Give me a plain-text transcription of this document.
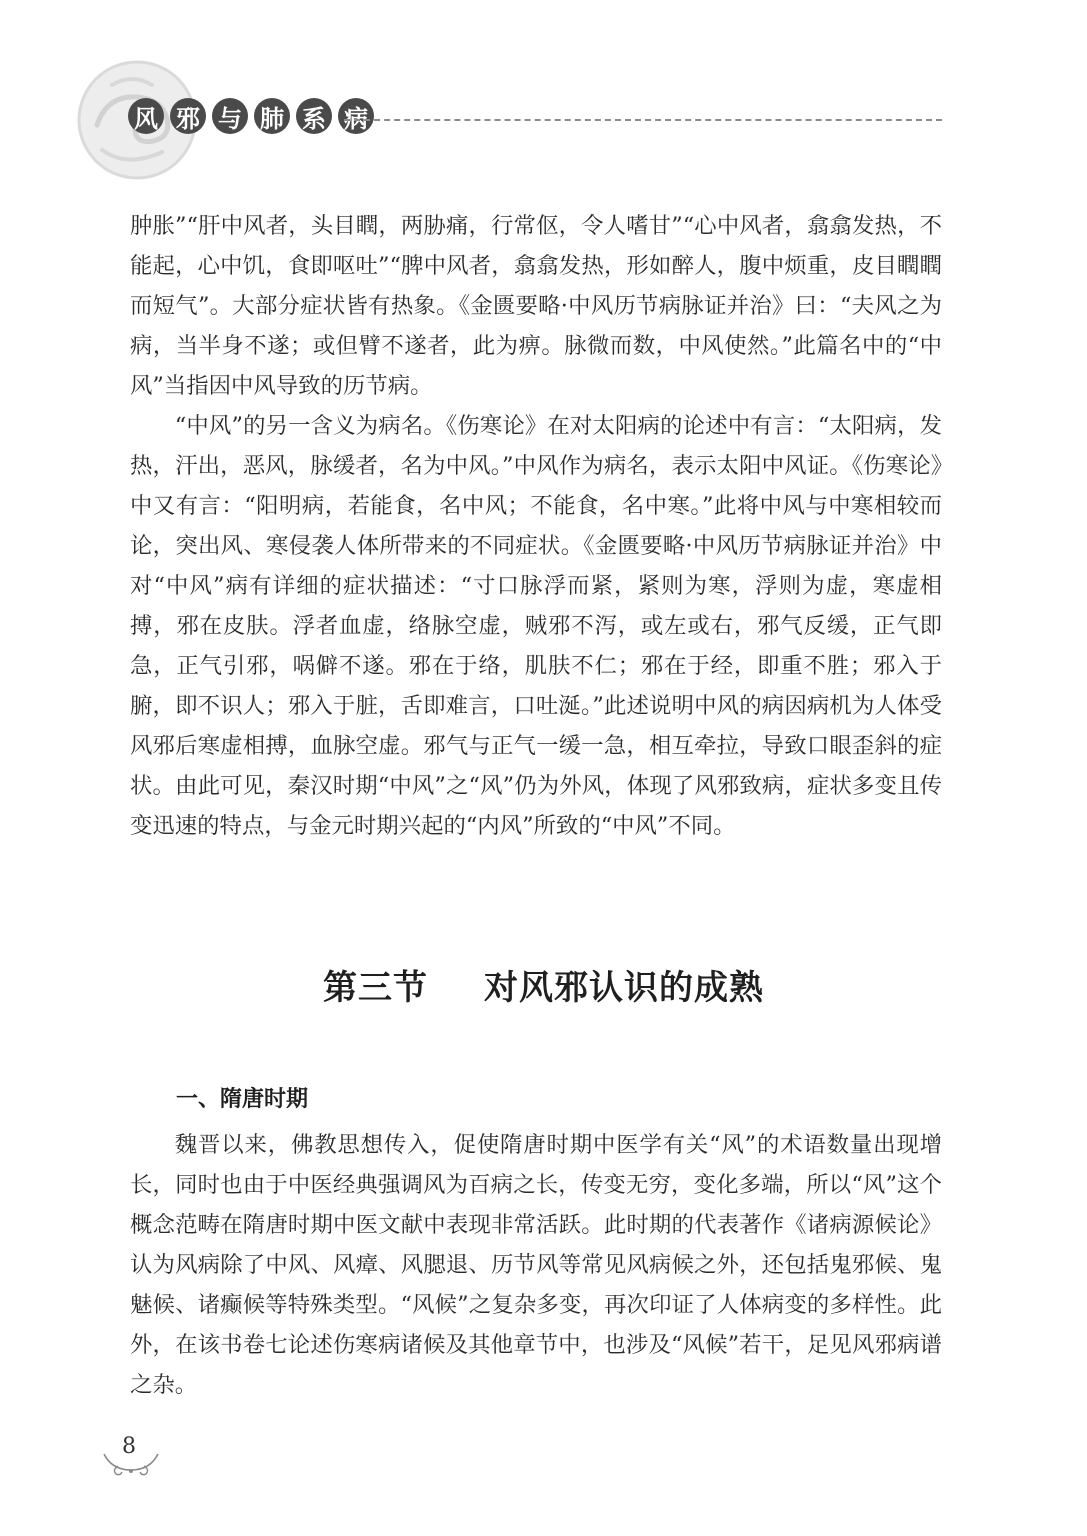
风 邪 与 肺 系 病

肿胀”“肝中风者，头目瞤，两胁痛，行常伛，令人嗜甘”“心中风者，翕翕发热，不能起，心中饥，食即呕吐”“脾中风者，翕翕发热，形如醉人，腹中烦重，皮目瞤瞤而短气”。大部分症状皆有热象。《金匮要略·中风历节病脉证并治》曰：“夫风之为病，当半身不遂；或但臂不遂者，此为痹。脉微而数，中风使然。”此篇名中的“中风”当指因中风导致的历节病。

“中风”的另一含义为病名。《伤寒论》在对太阳病的论述中有言：“太阳病，发热，汗出，恶风，脉缓者，名为中风。”中风作为病名，表示太阳中风证。《伤寒论》中又有言：“阳明病，若能食，名中风；不能食，名中寒。”此将中风与中寒相较而论，突出风、寒侵袭人体所带来的不同症状。《金匮要略·中风历节病脉证并治》中对“中风”病有详细的症状描述：“寸口脉浮而紧，紧则为寒，浮则为虚，寒虚相搏，邪在皮肤。浮者血虚，络脉空虚，贼邪不泻，或左或右，邪气反缓，正气即急，正气引邪，㖞僻不遂。邪在于络，肌肤不仁；邪在于经，即重不胜；邪入于腑，即不识人；邪入于脏，舌即难言，口吐涎。”此述说明中风的病因病机为人体受风邪后寒虚相搏，血脉空虚。邪气与正气一缓一急，相互牵拉，导致口眼歪斜的症状。由此可见，秦汉时期“中风”之“风”仍为外风，体现了风邪致病，症状多变且传变迅速的特点，与金元时期兴起的“内风”所致的“中风”不同。

第三节 对风邪认识的成熟
一、隋唐时期

魏晋以来，佛教思想传入，促使隋唐时期中医学有关“风”的术语数量出现增长，同时也由于中医经典强调风为百病之长，传变无穷，变化多端，所以“风”这个概念范畴在隋唐时期中医文献中表现非常活跃。此时期的代表著作《诸病源候论》认为风病除了中风、风瘴、风腮退、历节风等常见风病候之外，还包括鬼邪候、鬼魅候、诸癫候等特殊类型。“风候”之复杂多变，再次印证了人体病变的多样性。此外，在该书卷七论述伤寒病诸候及其他章节中，也涉及“风候”若干，足见风邪病谱之杂。

8
